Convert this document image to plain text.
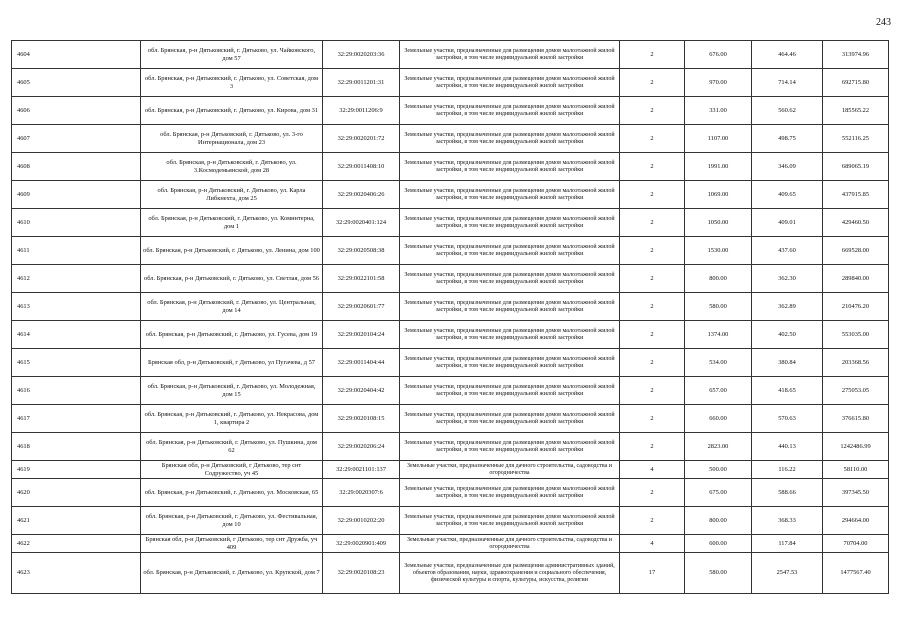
243
4604	обл. Брянская, р-н Дятьковский, г. Дятьково, ул. Чайковского, дом 57	32:29:0020203:36	Земельные участки, предназначенные для размещения домов малоэтажной жилой застройки, в том числе индивидуальной жилой застройки	2	676.00	464.46	313974.96
4605	обл. Брянская, р-н Дятьковский, г. Дятьково, ул. Советская, дом 3	32:29:0011201:31	Земельные участки, предназначенные для размещения домов малоэтажной жилой застройки, в том числе индивидуальной жилой застройки	2	970.00	714.14	692715.80
4606	обл. Брянская, р-н Дятьковский, г. Дятьково, ул. Кирова, дом 31	32:29:0011206:9	Земельные участки, предназначенные для размещения домов малоэтажной жилой застройки, в том числе индивидуальной жилой застройки	2	331.00	560.62	185565.22
4607	обл. Брянская, р-н Дятьковский, г. Дятьково, ул. 3-го Интернационала, дом 23	32:29:0020201:72	Земельные участки, предназначенные для размещения домов малоэтажной жилой застройки, в том числе индивидуальной жилой застройки	2	1107.00	498.75	552116.25
4608	обл. Брянская, р-н Дятьковский, г. Дятьково, ул. 3.Космодемьянской, дом 28	32:29:0011408:10	Земельные участки, предназначенные для размещения домов малоэтажной жилой застройки, в том числе индивидуальной жилой застройки	2	1991.00	346.09	689065.19
4609	обл. Брянская, р-н Дятьковский, г. Дятьково, ул. Карла Либкнехта, дом 25	32:29:0020406:26	Земельные участки, предназначенные для размещения домов малоэтажной жилой застройки, в том числе индивидуальной жилой застройки	2	1069.00	409.65	437915.85
4610	обл. Брянская, р-н Дятьковский, г. Дятьково, ул. Коминтерна, дом 1	32:29:0020401:124	Земельные участки, предназначенные для размещения домов малоэтажной жилой застройки, в том числе индивидуальной жилой застройки	2	1050.00	409.01	429460.50
4611	обл. Брянская, р-н Дятьковский, г. Дятьково, ул. Ленина, дом 100	32:29:0020508:38	Земельные участки, предназначенные для размещения домов малоэтажной жилой застройки, в том числе индивидуальной жилой застройки	2	1530.00	437.60	669528.00
4612	обл. Брянская, р-н Дятьковский, г. Дятьково, ул. Светлая, дом 56	32:29:0022101:58	Земельные участки, предназначенные для размещения домов малоэтажной жилой застройки, в том числе индивидуальной жилой застройки	2	800.00	362.30	289840.00
4613	обл. Брянская, р-н Дятьковский, г. Дятьково, ул. Центральная, дом 14	32:29:0020601:77	Земельные участки, предназначенные для размещения домов малоэтажной жилой застройки, в том числе индивидуальной жилой застройки	2	580.00	362.89	210476.20
4614	обл. Брянская, р-н Дятьковский, г. Дятьково, ул. Гусева, дом 19	32:29:0020104:24	Земельные участки, предназначенные для размещения домов малоэтажной жилой застройки, в том числе индивидуальной жилой застройки	2	1374.00	402.50	553035.00
4615	Брянская обл, р-н Дятьковский, г Дятьково, ул Пугачева, д 57	32:29:0011404:44	Земельные участки, предназначенные для размещения домов малоэтажной жилой застройки, в том числе индивидуальной жилой застройки	2	534.00	380.84	203368.56
4616	обл. Брянская, р-н Дятьковский, г. Дятьково, ул. Молодежная, дом 15	32:29:0020404:42	Земельные участки, предназначенные для размещения домов малоэтажной жилой застройки, в том числе индивидуальной жилой застройки	2	657.00	418.65	275053.05
4617	обл. Брянская, р-н Дятьковский, г. Дятьково, ул. Некрасова, дом 1, квартира 2	32:29:0020108:15	Земельные участки, предназначенные для размещения домов малоэтажной жилой застройки, в том числе индивидуальной жилой застройки	2	660.00	570.63	376615.80
4618	обл. Брянская, р-н Дятьковский, г. Дятьково, ул. Пушкина, дом 62	32:29:0020206:24	Земельные участки, предназначенные для размещения домов малоэтажной жилой застройки, в том числе индивидуальной жилой застройки	2	2823.00	440.13	1242486.99
4619	Брянская обл, р-н Дятьковский, г Дятьково, тер снт Содружество, уч 45	32:29:0021101:137	Земельные участки, предназначенные для дачного строительства, садоводства и огородничества	4	500.00	116.22	58110.00
4620	обл. Брянская, р-н Дятьковский, г. Дятьково, ул. Московская, 65	32:29:0020307:6	Земельные участки, предназначенные для размещения домов малоэтажной жилой застройки, в том числе индивидуальной жилой застройки	2	675.00	588.66	397345.50
4621	обл. Брянская, р-н Дятьковский, г. Дятьково, ул. Фестивальная, дом 10	32:29:0010202:20	Земельные участки, предназначенные для размещения домов малоэтажной жилой застройки, в том числе индивидуальной жилой застройки	2	800.00	368.33	294664.00
4622	Брянская обл, р-н Дятьковский, г Дятьково, тер снт Дружба, уч 409	32:29:0020901:409	Земельные участки, предназначенные для дачного строительства, садоводства и огородничества	4	600.00	117.84	70704.00
4623	обл. Брянская, р-н Дятьковский, г. Дятьково, ул. Крупской, дом 7	32:29:0020108:23	Земельные участки, предназначенные для размещения административных зданий, объектов образования, науки, здравоохранения и социального обеспечения, физической культуры и спорта, культуры, искусства, религии	17	580.00	2547.53	1477567.40
